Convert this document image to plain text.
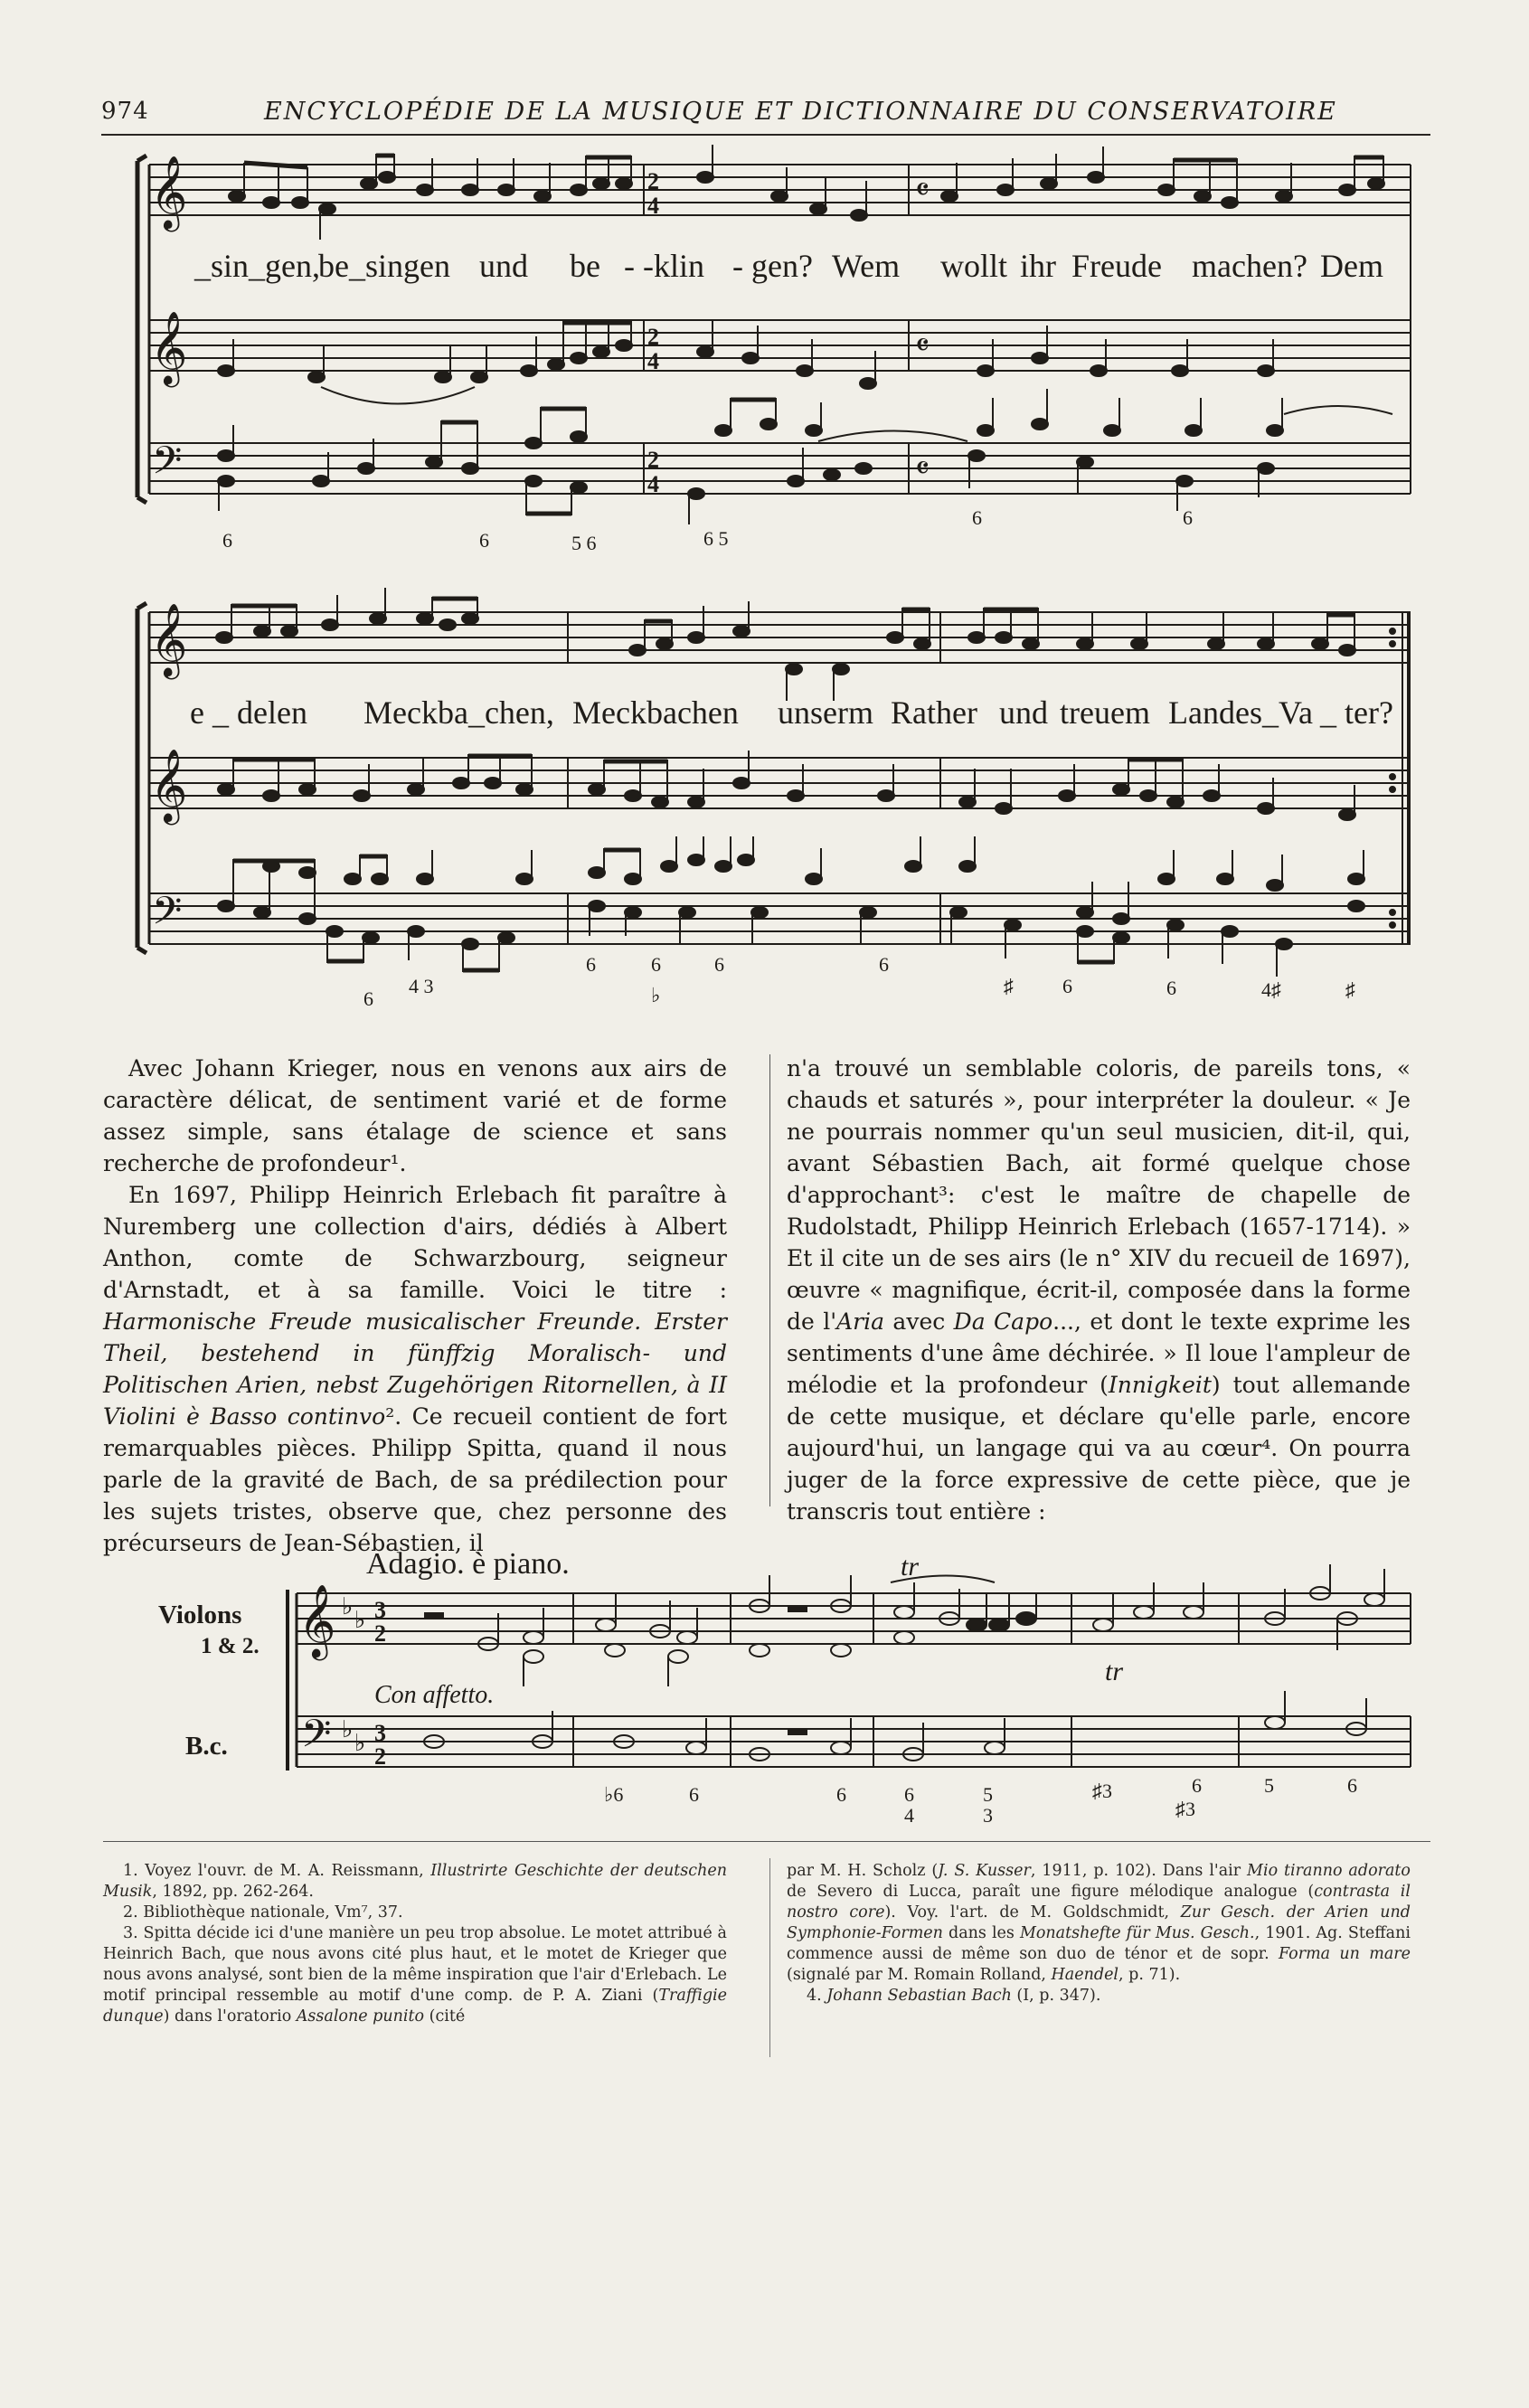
974	ENCYCLOPÉDIE DE LA MUSIQUE ET DICTIONNAIRE DU CONSERVATOIRE
𝄞
𝄞
𝄢
𝄞
𝄞
𝄢
2
4
2
4
2
4
𝄴
𝄴
𝄴
_sin_gen,
be_singen und be - -klin - gen? Wem wollt ihr Freude machen? Dem
6	6	5 6	6 5
6	6
e _ delen Meckba_chen, Meckbachen unserm Rather und treuem Landes_Va _ ter?
6
4 3
6	6
♭
6	6
♯ 6	6	4♯	♯

Avec Johann Krieger, nous en venons aux airs de caractère délicat, de sentiment varié et de forme assez simple, sans étalage de science et sans recherche de profondeur¹.

En 1697, Philipp Heinrich Erlebach fit paraître à Nuremberg une collection d'airs, dédiés à Albert Anthon, comte de Schwarzbourg, seigneur d'Arnstadt, et à sa famille. Voici le titre : Harmonische Freude musicalischer Freunde. Erster Theil, bestehend in fünffzig Moralisch- und Politischen Arien, nebst Zugehörigen Ritornellen, à II Violini è Basso continvo². Ce recueil contient de fort remarquables pièces. Philipp Spitta, quand il nous parle de la gravité de Bach, de sa prédilection pour les sujets tristes, observe que, chez personne des précurseurs de Jean-Sébastien, il

n'a trouvé un semblable coloris, de pareils tons, « chauds et saturés », pour interpréter la douleur. « Je ne pourrais nommer qu'un seul musicien, dit-il, qui, avant Sébastien Bach, ait formé quelque chose d'approchant³: c'est le maître de chapelle de Rudolstadt, Philipp Heinrich Erlebach (1657-1714). » Et il cite un de ses airs (le n° XIV du recueil de 1697), œuvre « magnifique, écrit-il, composée dans la forme de l'Aria avec Da Capo..., et dont le texte exprime les sentiments d'une âme déchirée. » Il loue l'ampleur de mélodie et la profondeur (Innigkeit) tout allemande de cette musique, et déclare qu'elle parle, encore aujourd'hui, un langage qui va au cœur⁴. On pourra juger de la force expressive de cette pièce, que je transcris tout entière :

Adagio. è piano.
Violons
1 & 2.
B.c.
Con affetto.
tr
tr
𝄞
𝄢
♭
♭
♭
♭
3
2
3
2
♭6	6	6	6	5	♯3	6	5	6
4	3	♯3

1. Voyez l'ouvr. de M. A. Reissmann, Illustrirte Geschichte der deutschen Musik, 1892, pp. 262-264.

2. Bibliothèque nationale, Vm⁷, 37.

3. Spitta décide ici d'une manière un peu trop absolue. Le motet attribué à Heinrich Bach, que nous avons cité plus haut, et le motet de Krieger que nous avons analysé, sont bien de la même inspiration que l'air d'Erlebach. Le motif principal ressemble au motif d'une comp. de P. A. Ziani (Traffigie dunque) dans l'oratorio Assalone punito (cité

par M. H. Scholz (J. S. Kusser, 1911, p. 102). Dans l'air Mio tiranno adorato de Severo di Lucca, paraît une figure mélodique analogue (contrasta il nostro core). Voy. l'art. de M. Goldschmidt, Zur Gesch. der Arien und Symphonie-Formen dans les Monatshefte für Mus. Gesch., 1901. Ag. Steffani commence aussi de même son duo de ténor et de sopr. Forma un mare (signalé par M. Romain Rolland, Haendel, p. 71).

4. Johann Sebastian Bach (I, p. 347).
